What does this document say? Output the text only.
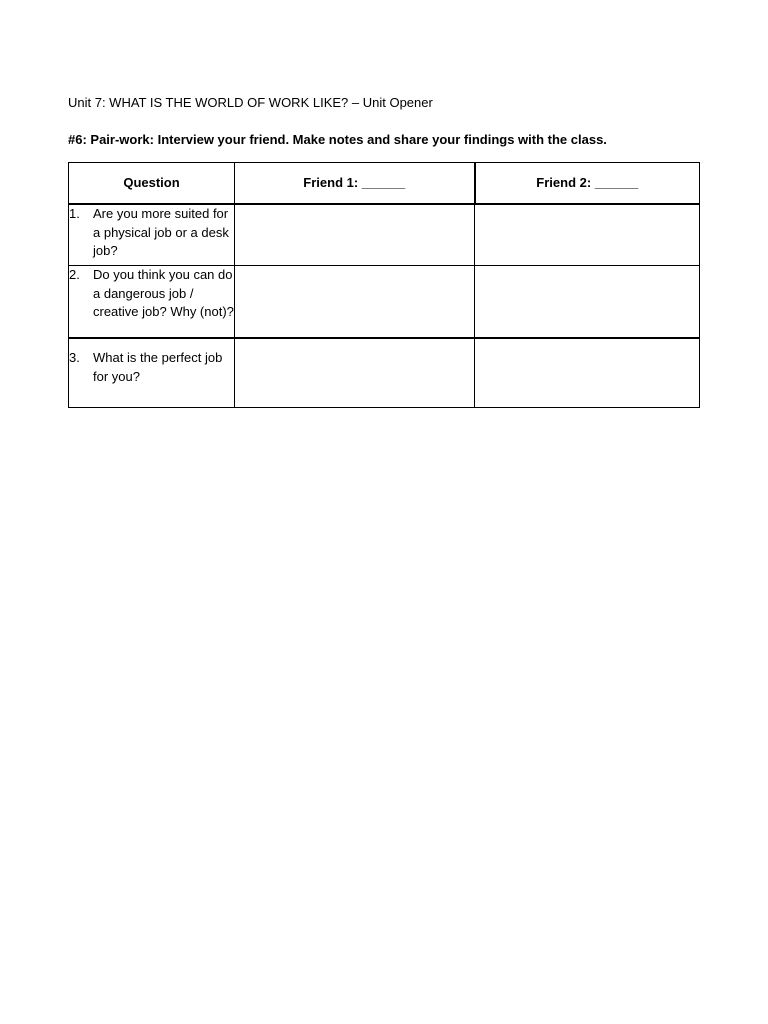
Unit 7: WHAT IS THE WORLD OF WORK LIKE? – Unit Opener
#6: Pair-work: Interview your friend. Make notes and share your findings with the class.
Question	Friend 1: ______	Friend 2: ______

1. Are you more suited for a physical job or a desk job?		

2. Do you think you can do a dangerous job / creative job? Why (not)?		

3. What is the perfect job for you?		
